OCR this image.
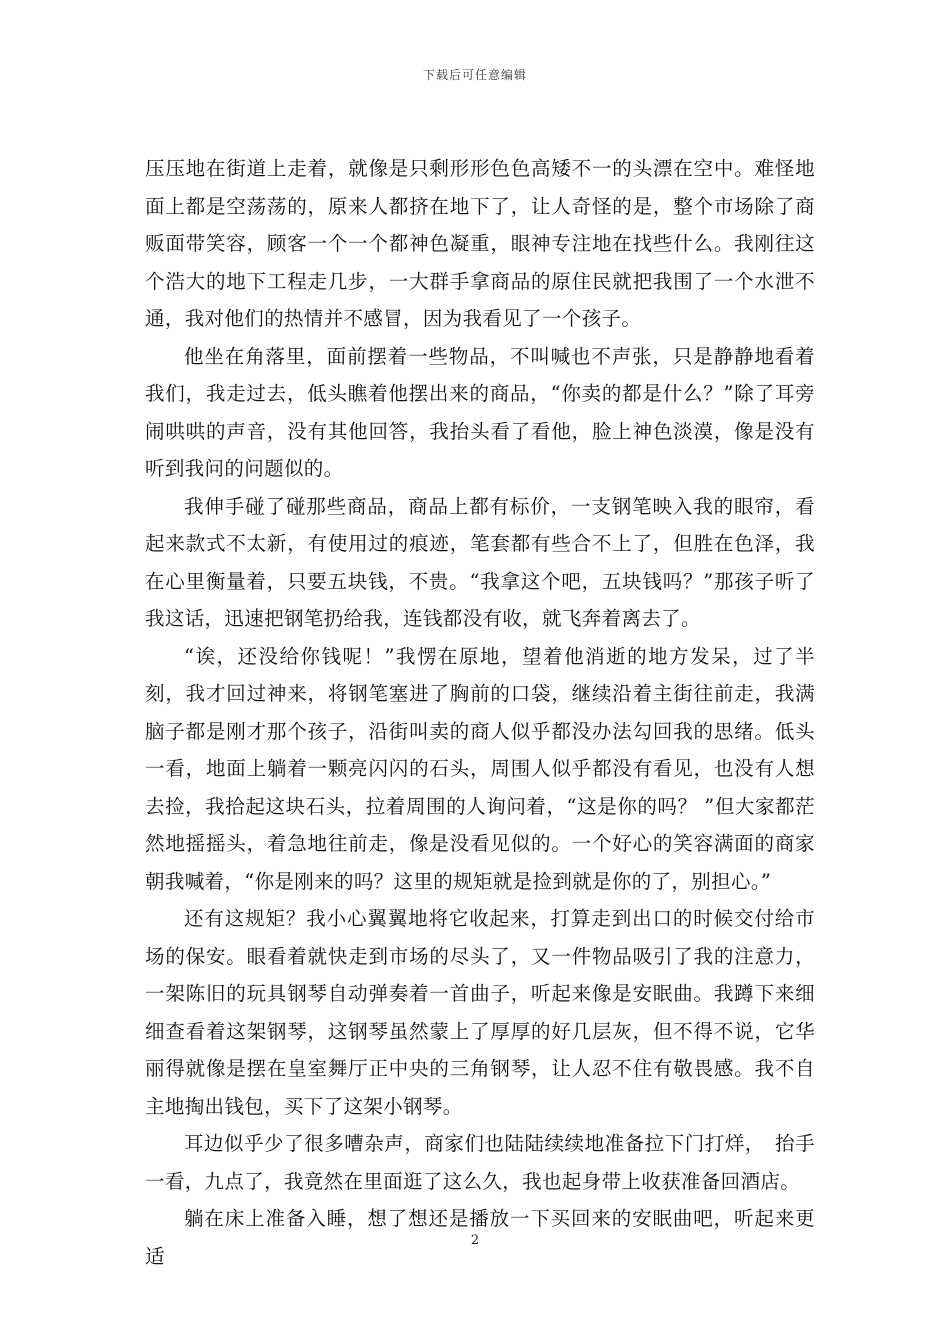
下载后可任意编辑

压压地在街道上走着，就像是只剩形形色色高矮不一的头漂在空中。难怪地面上都是空荡荡的，原来人都挤在地下了，让人奇怪的是，整个市场除了商贩面带笑容，顾客一个一个都神色凝重，眼神专注地在找些什么。我刚往这个浩大的地下工程走几步，一大群手拿商品的原住民就把我围了一个水泄不通，我对他们的热情并不感冒，因为我看见了一个孩子。

他坐在角落里，面前摆着一些物品，不叫喊也不声张，只是静静地看着我们，我走过去，低头瞧着他摆出来的商品，“你卖的都是什么？”除了耳旁闹哄哄的声音，没有其他回答，我抬头看了看他，脸上神色淡漠，像是没有听到我问的问题似的。

我伸手碰了碰那些商品，商品上都有标价，一支钢笔映入我的眼帘，看起来款式不太新，有使用过的痕迹，笔套都有些合不上了，但胜在色泽，我在心里衡量着，只要五块钱，不贵。“我拿这个吧，五块钱吗？”那孩子听了我这话，迅速把钢笔扔给我，连钱都没有收，就飞奔着离去了。

“诶，还没给你钱呢！”我愣在原地，望着他消逝的地方发呆，过了半刻，我才回过神来，将钢笔塞进了胸前的口袋，继续沿着主街往前走，我满脑子都是刚才那个孩子，沿街叫卖的商人似乎都没办法勾回我的思绪。低头一看，地面上躺着一颗亮闪闪的石头，周围人似乎都没有看见，也没有人想去捡，我拾起这块石头，拉着周围的人询问着，“这是你的吗？ ”但大家都茫然地摇摇头，着急地往前走，像是没看见似的。一个好心的笑容满面的商家朝我喊着，“你是刚来的吗？这里的规矩就是捡到就是你的了，别担心。”

还有这规矩？我小心翼翼地将它收起来，打算走到出口的时候交付给市场的保安。眼看着就快走到市场的尽头了，又一件物品吸引了我的注意力，一架陈旧的玩具钢琴自动弹奏着一首曲子，听起来像是安眠曲。我蹲下来细细查看着这架钢琴，这钢琴虽然蒙上了厚厚的好几层灰，但不得不说，它华丽得就像是摆在皇室舞厅正中央的三角钢琴，让人忍不住有敬畏感。我不自主地掏出钱包，买下了这架小钢琴。

耳边似乎少了很多嘈杂声，商家们也陆陆续续地准备拉下门打烊，　抬手一看，九点了，我竟然在里面逛了这么久，我也起身带上收获准备回酒店。

躺在床上准备入睡，想了想还是播放一下买回来的安眠曲吧，听起来更适

2
